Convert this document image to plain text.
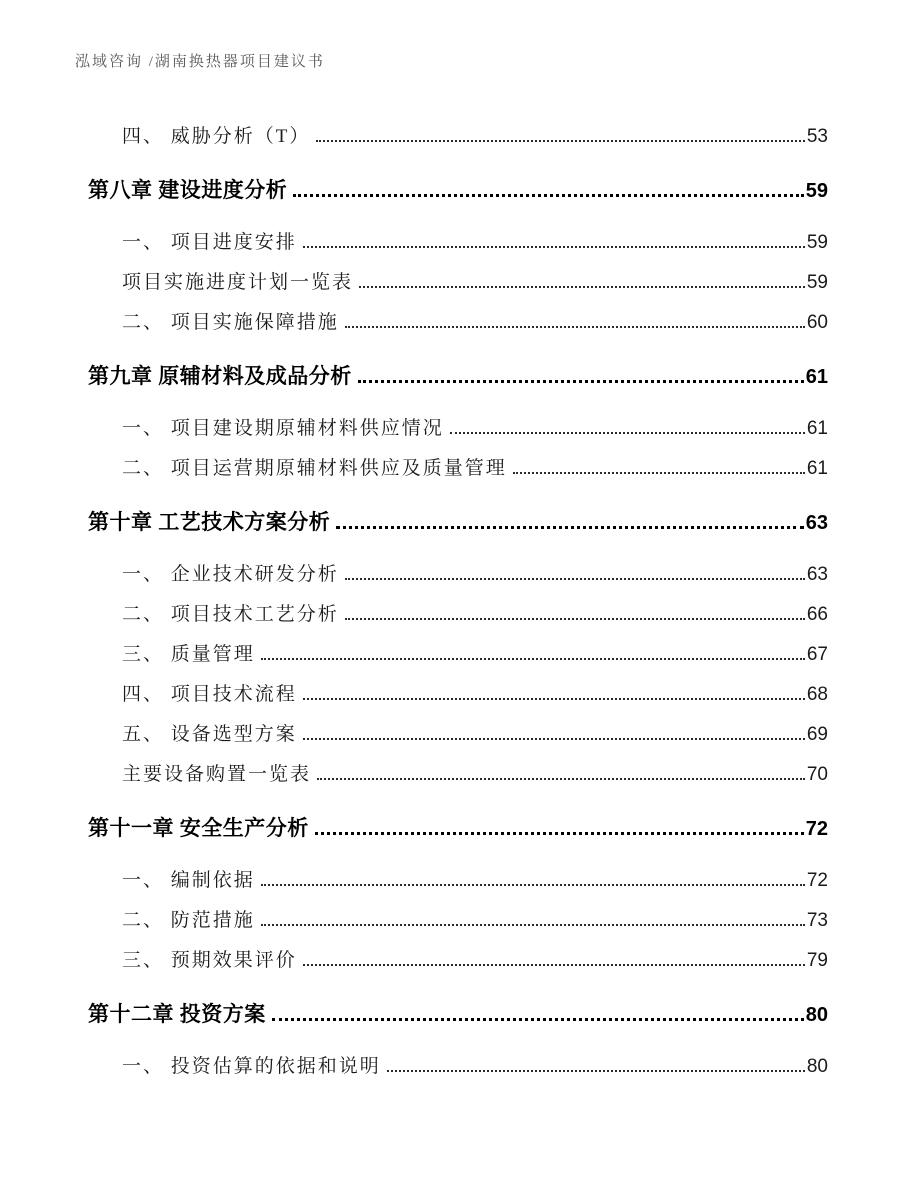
泓域咨询 /湖南换热器项目建议书
四、 威胁分析（T）	53
第八章 建设进度分析	59
一、 项目进度安排	59
项目实施进度计划一览表	59
二、 项目实施保障措施	60
第九章 原辅材料及成品分析	61
一、 项目建设期原辅材料供应情况	61
二、 项目运营期原辅材料供应及质量管理	61
第十章 工艺技术方案分析	63
一、 企业技术研发分析	63
二、 项目技术工艺分析	66
三、 质量管理	67
四、 项目技术流程	68
五、 设备选型方案	69
主要设备购置一览表	70
第十一章 安全生产分析	72
一、 编制依据	72
二、 防范措施	73
三、 预期效果评价	79
第十二章 投资方案	80
一、 投资估算的依据和说明	80
